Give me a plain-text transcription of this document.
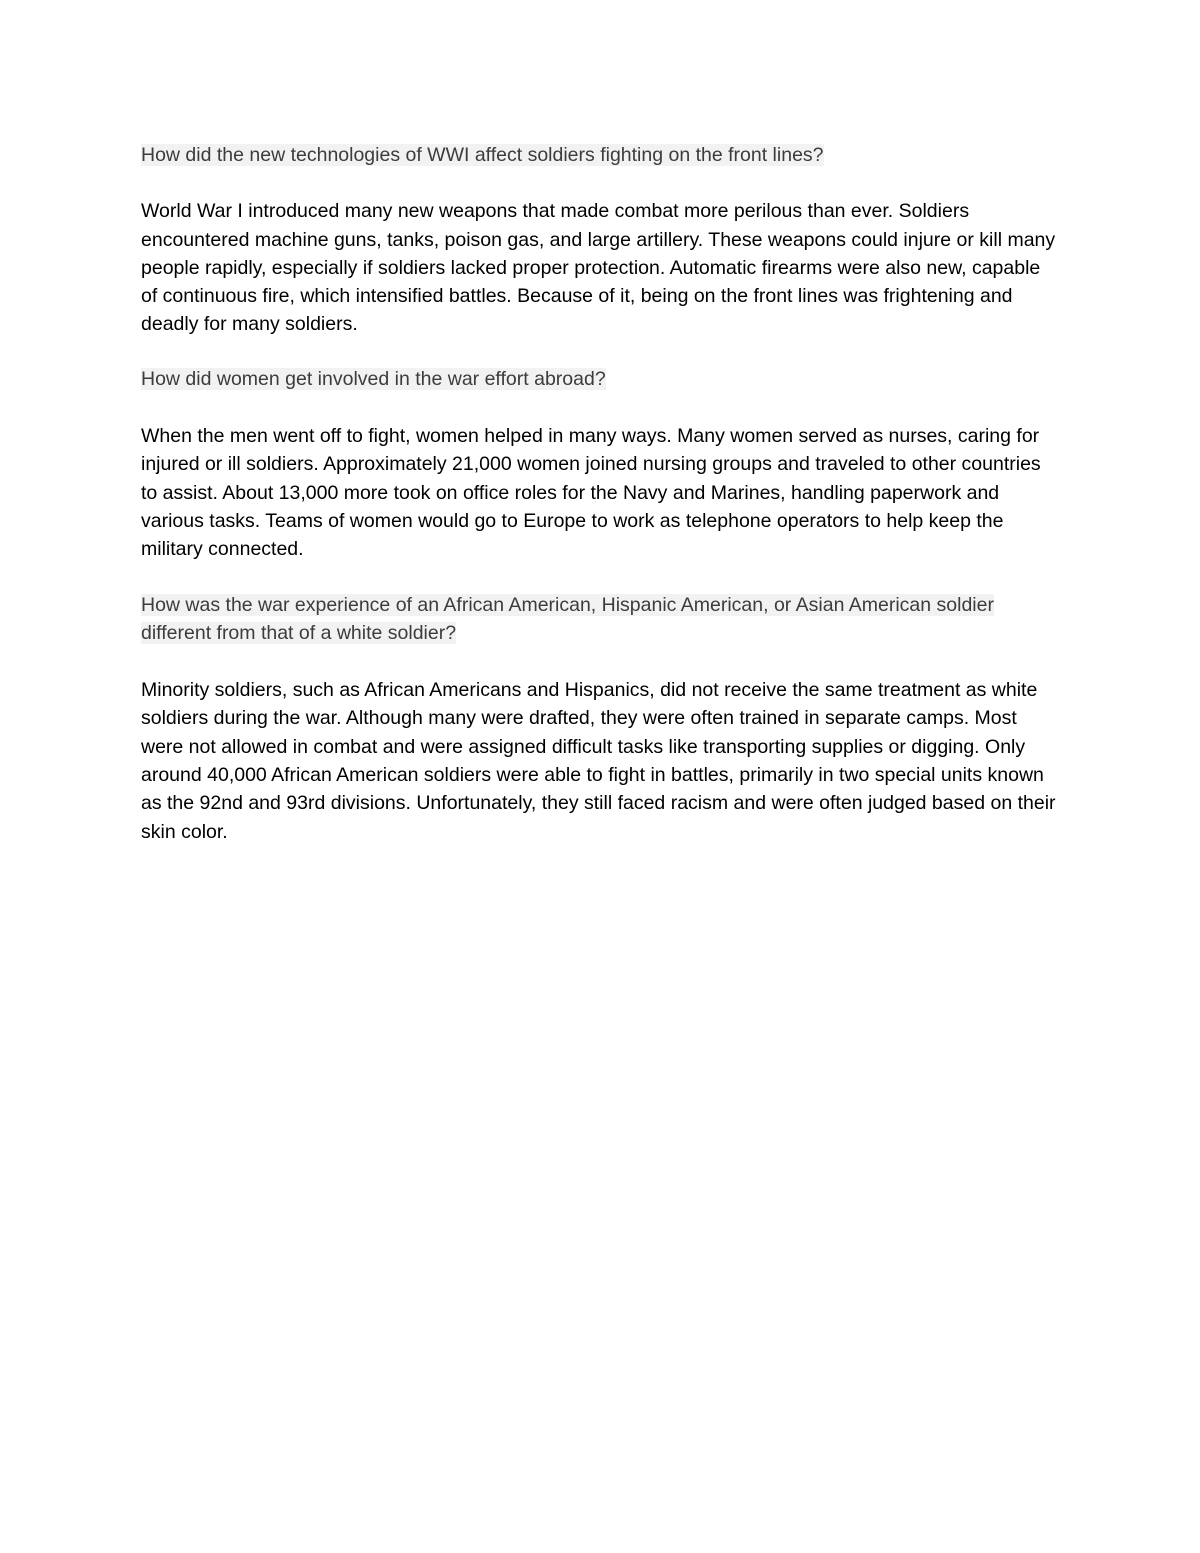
How did the new technologies of WWI affect soldiers fighting on the front lines?

World War I introduced many new weapons that made combat more perilous than ever. Soldiers encountered machine guns, tanks, poison gas, and large artillery. These weapons could injure or kill many people rapidly, especially if soldiers lacked proper protection. Automatic firearms were also new, capable of continuous fire, which intensified battles. Because of it, being on the front lines was frightening and deadly for many soldiers.

How did women get involved in the war effort abroad?

When the men went off to fight, women helped in many ways. Many women served as nurses, caring for injured or ill soldiers. Approximately 21,000 women joined nursing groups and traveled to other countries to assist. About 13,000 more took on office roles for the Navy and Marines, handling paperwork and various tasks. Teams of women would go to Europe to work as telephone operators to help keep the military connected.

How was the war experience of an African American, Hispanic American, or Asian American soldier different from that of a white soldier?

Minority soldiers, such as African Americans and Hispanics, did not receive the same treatment as white soldiers during the war. Although many were drafted, they were often trained in separate camps. Most were not allowed in combat and were assigned difficult tasks like transporting supplies or digging. Only around 40,000 African American soldiers were able to fight in battles, primarily in two special units known as the 92nd and 93rd divisions. Unfortunately, they still faced racism and were often judged based on their skin color.
